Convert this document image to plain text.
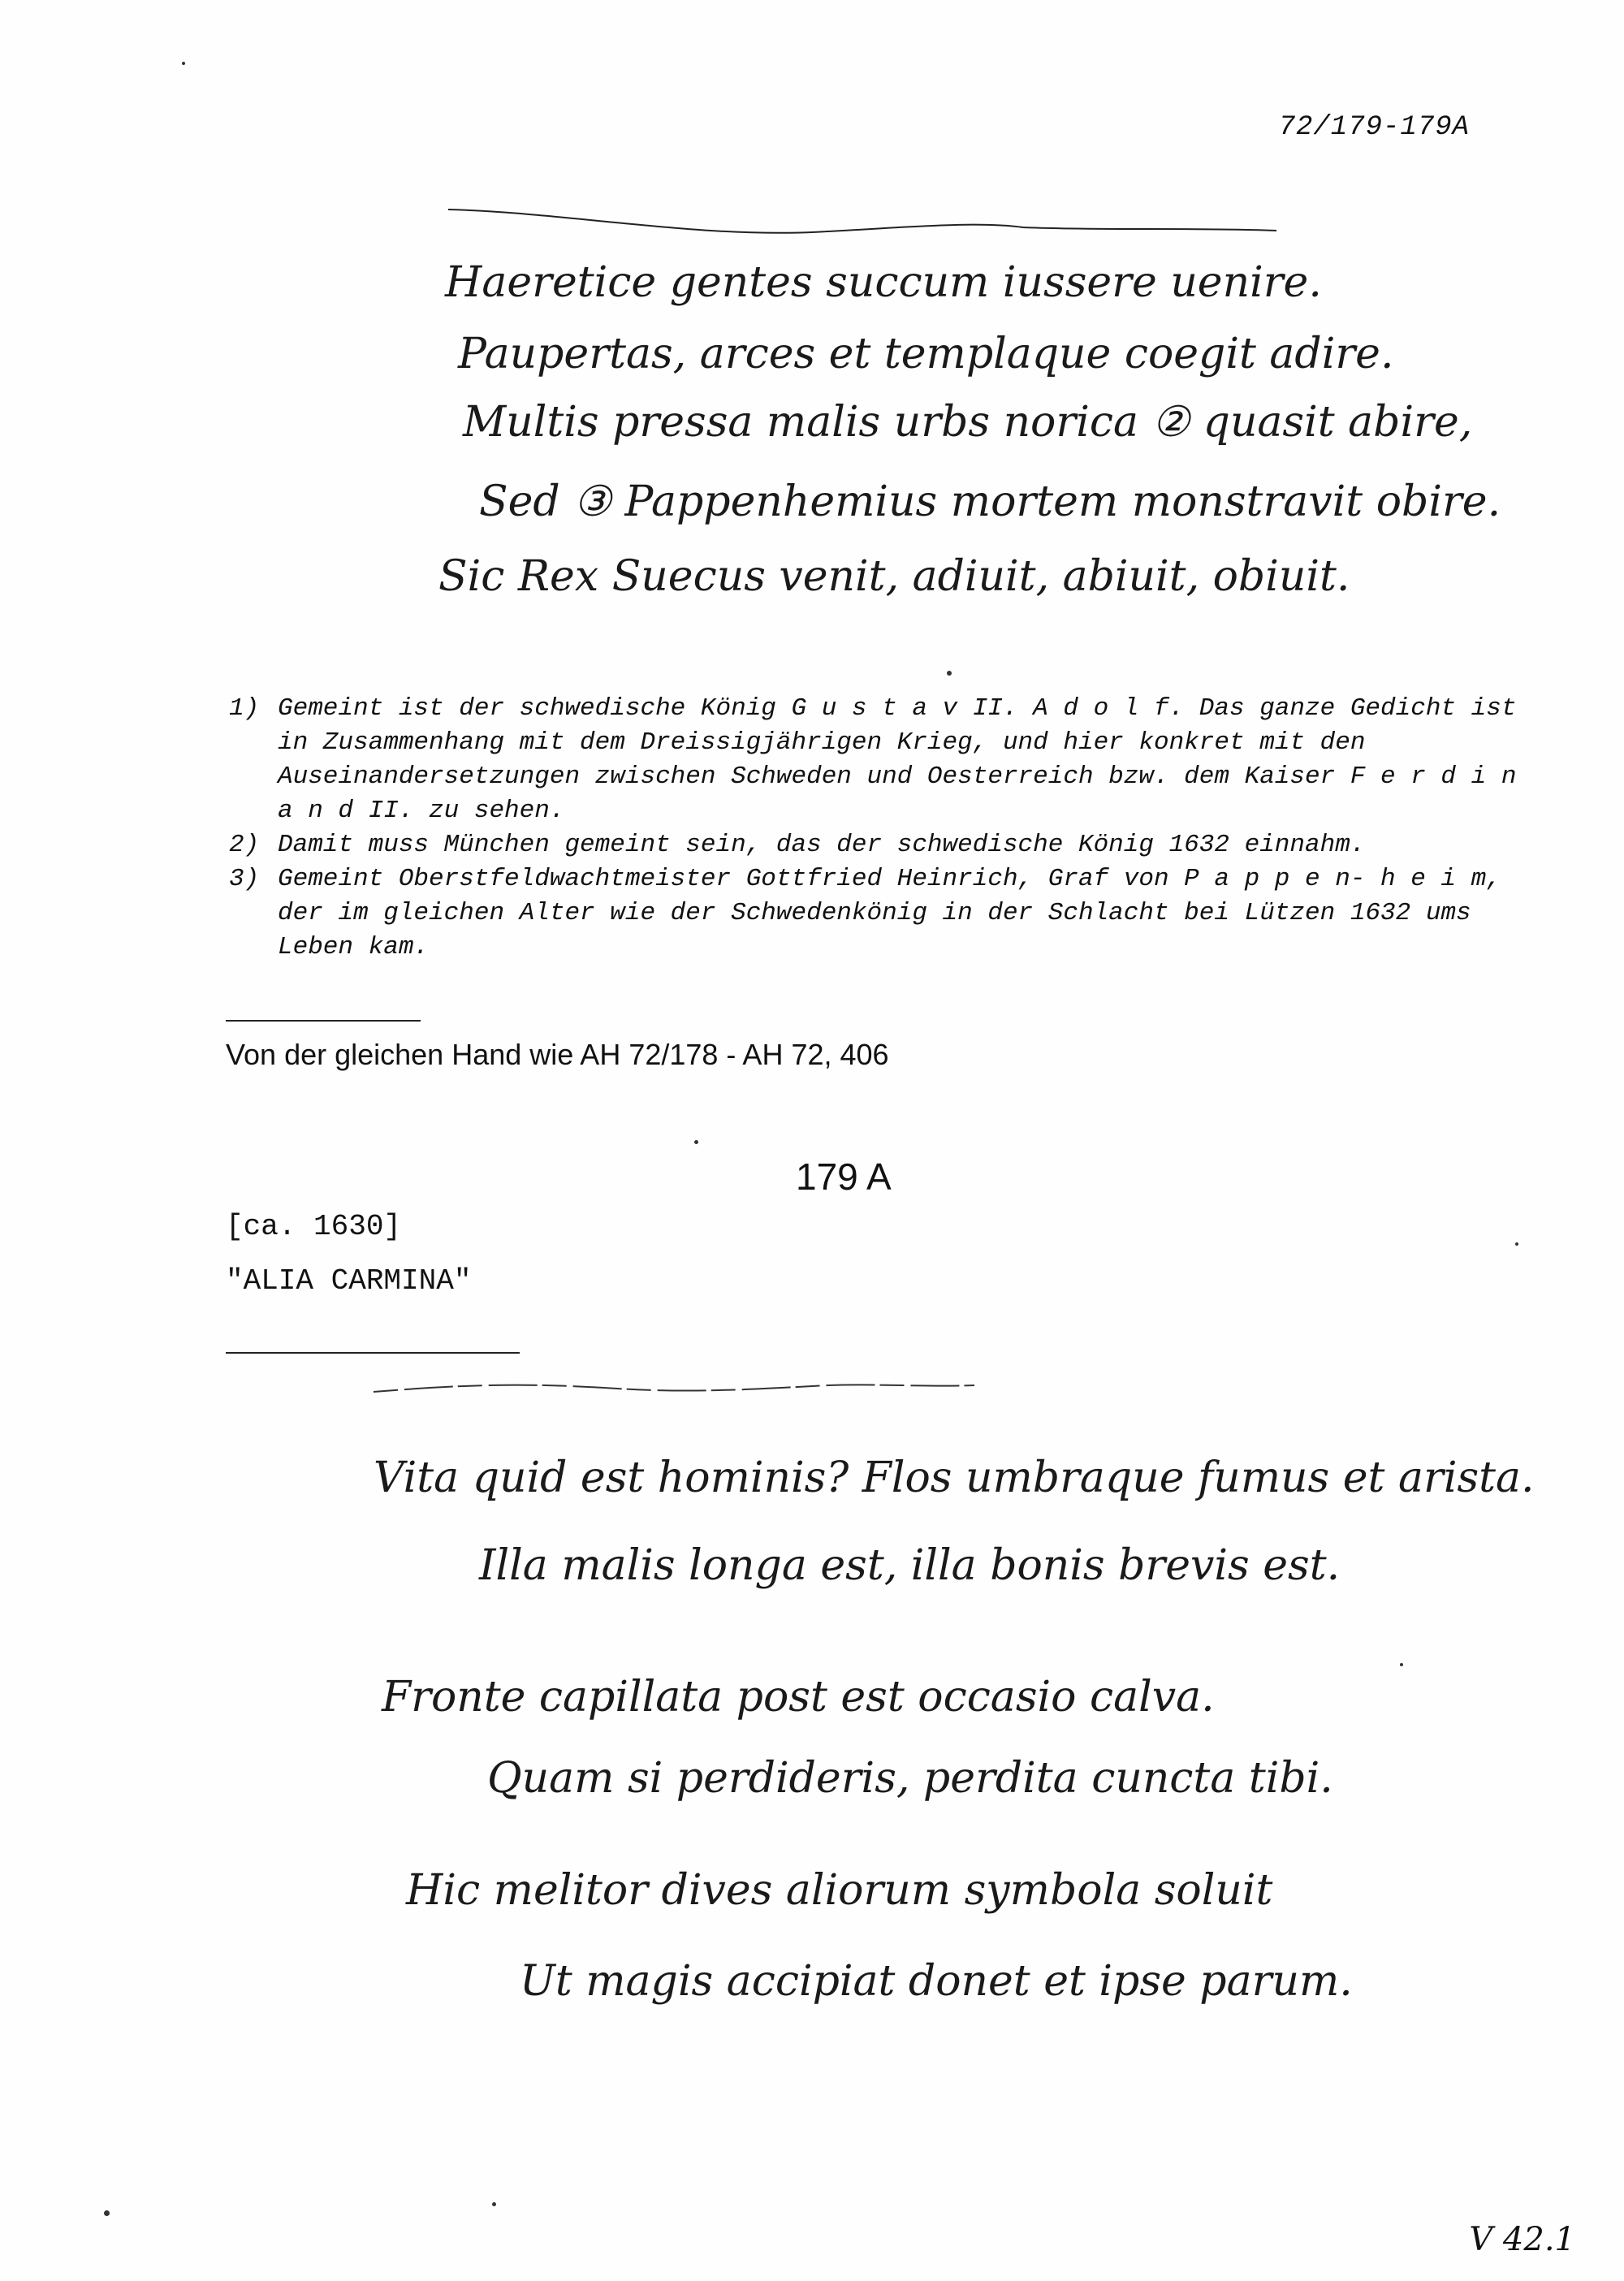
72/179-179A
Haeretice gentes succum iussere uenire.
Paupertas, arces et templaque coegit adire.
Multis pressa malis urbs norica ② quasit abire,
Sed ③ Pappenhemius mortem monstravit obire.
Sic Rex Suecus venit, adiuit, abiuit, obiuit.

1) Gemeint ist der schwedische König G u s t a v II. A d o l f. Das ganze Gedicht ist in Zusammenhang mit dem Dreissigjährigen Krieg, und hier konkret mit den Auseinandersetzungen zwischen Schweden und Oesterreich bzw. dem Kaiser F e r d i n a n d II. zu sehen.

2) Damit muss München gemeint sein, das der schwedische König 1632 einnahm.

3) Gemeint Oberstfeldwachtmeister Gottfried Heinrich, Graf von P a p p e n- h e i m, der im gleichen Alter wie der Schwedenkönig in der Schlacht bei Lützen 1632 ums Leben kam.

Von der gleichen Hand wie AH 72/178 - AH 72, 406
179 A
[ca. 1630]
"ALIA CARMINA"
Vita quid est hominis? Flos umbraque fumus et arista.
Illa malis longa est, illa bonis brevis est.
Fronte capillata post est occasio calva.
Quam si perdideris, perdita cuncta tibi.
Hic melitor dives aliorum symbola soluit
Ut magis accipiat donet et ipse parum.
V 42.1
